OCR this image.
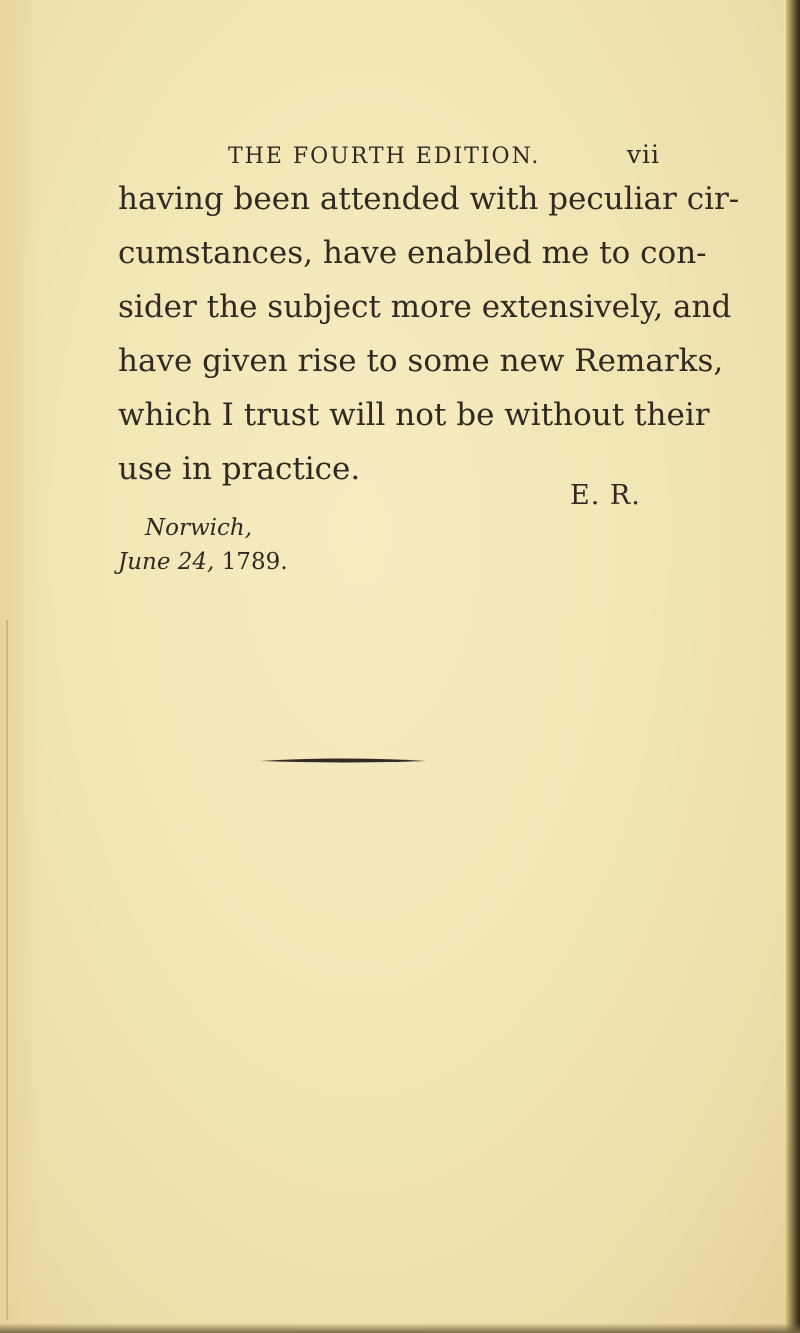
THE FOURTH EDITION.	vii
having been attended with peculiar cir-
cumstances, have enabled me to con-
sider the subject more extensively, and
have given rise to some new Remarks,
which I trust will not be without their
use in practice.
E. R.
Norwich,
June 24, 1789.
